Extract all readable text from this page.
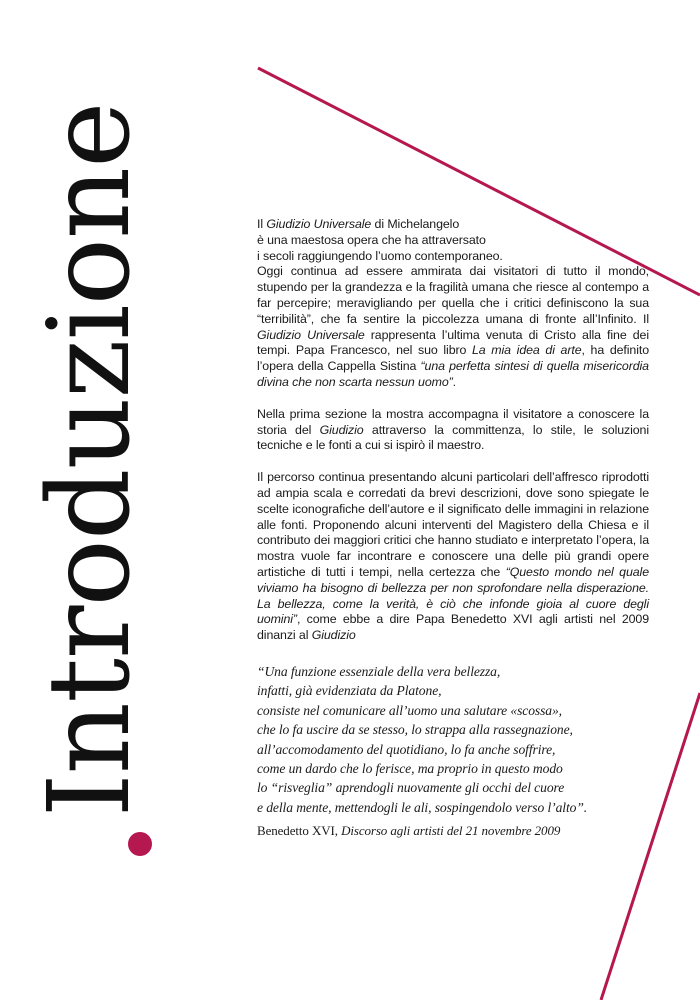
Introduzione	Il Giudizio Universale di Michelangelo
è una maestosa opera che ha attraversato
i secoli raggiungendo l’uomo contemporaneo.

Oggi continua ad essere ammirata dai visitatori di tutto il mondo, stupendo per la grandezza e la fragilità umana che riesce al contempo a far percepire; meravigliando per quella che i critici definiscono la sua “terribilità”, che fa sentire la piccolezza umana di fronte all’Infinito. Il Giudizio Universale rappresenta l’ultima venuta di Cristo alla fine dei tempi. Papa Francesco, nel suo libro La mia idea di arte, ha definito l’opera della Cappella Sistina “una perfetta sintesi di quella misericordia divina che non scarta nessun uomo”.

Nella prima sezione la mostra accompagna il visitatore a conoscere la storia del Giudizio attraverso la committenza, lo stile, le soluzioni tecniche e le fonti a cui si ispirò il maestro.

Il percorso continua presentando alcuni particolari dell’affresco riprodotti ad ampia scala e corredati da brevi descrizioni, dove sono spiegate le scelte iconografiche dell’autore e il significato delle immagini in relazione alle fonti. Proponendo alcuni interventi del Magistero della Chiesa e il contributo dei maggiori critici che hanno studiato e interpretato l’opera, la mostra vuole far incontrare e conoscere una delle più grandi opere artistiche di tutti i tempi, nella certezza che “Questo mondo nel quale viviamo ha bisogno di bellezza per non sprofondare nella disperazione. La bellezza, come la verità, è ciò che infonde gioia al cuore degli uomini”, come ebbe a dire Papa Benedetto XVI agli artisti nel 2009 dinanzi al Giudizio

“Una funzione essenziale della vera bellezza,
infatti, già evidenziata da Platone,
consiste nel comunicare all’uomo una salutare «scossa»,
che lo fa uscire da se stesso, lo strappa alla rassegnazione,
all’accomodamento del quotidiano, lo fa anche soffrire,
come un dardo che lo ferisce, ma proprio in questo modo
lo “risveglia” aprendogli nuovamente gli occhi del cuore
e della mente, mettendogli le ali, sospingendolo verso l’alto”.
Benedetto XVI, Discorso agli artisti del 21 novembre 2009
